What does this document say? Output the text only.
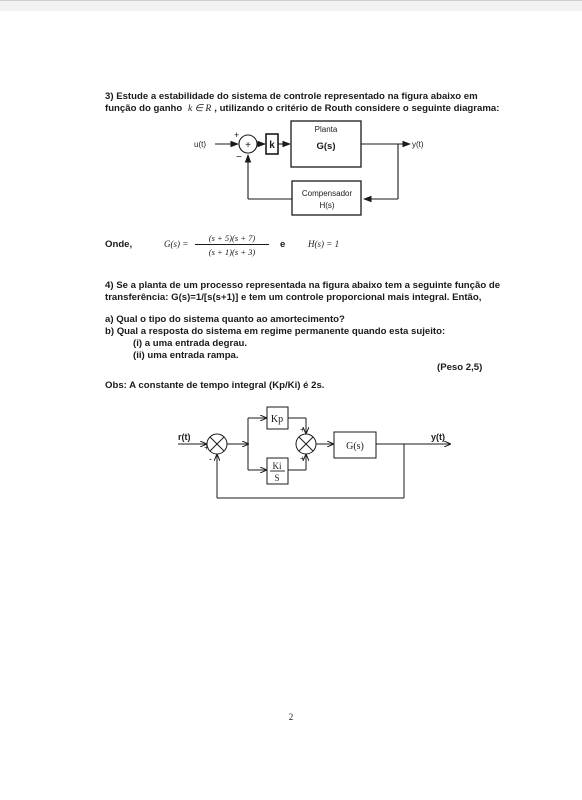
3) Estude a estabilidade do sistema de controle representado na figura abaixo em
função do ganho k ∈ R , utilizando o critério de Routh considere o seguinte diagrama:
u(t)
+
−
+ k
Planta
G(s)	y(t)
Compensador
H(s)
Onde,	G(s) =
(s + 5)(s + 7)
(s + 1)(s + 3)
e	H(s) = 1
4) Se a planta de um processo representada na figura abaixo tem a seguinte função de
transferência: G(s)=1/[s(s+1)] e tem um controle proporcional mais integral. Então,
a) Qual o tipo do sistema quanto ao amortecimento?
b) Qual a resposta do sistema em regime permanente quando esta sujeito:
(i) a uma entrada degrau.
(ii) uma entrada rampa.
(Peso 2,5)
Obs: A constante de tempo integral (Kp/Ki) é 2s.
r(t)
+
-
Kp
Ki
S
+
+
G(s)
y(t)
2
